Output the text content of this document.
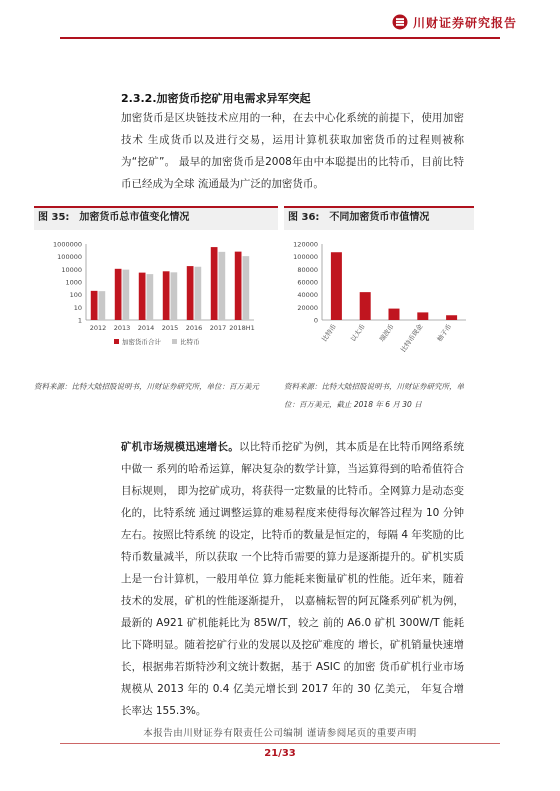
川财证券研究报告
2.3.2.加密货币挖矿用电需求异军突起

加密货币是区块链技术应用的一种，在去中心化系统的前提下，使用加密技术 生成货币以及进行交易，运用计算机获取加密货币的过程则被称为“挖矿”。 最早的加密货币是2008年由中本聪提出的比特币，目前比特币已经成为全球 流通最为广泛的加密货币。

图 35: 加密货币总市值变化情况
1000000
100000
10000
1000
100
10
1
2012 2013 2014 2015 2016 2017 2018H1
加密货币合计	比特币

资料来源：比特大陆招股说明书，川财证券研究所，单位：百万美元

图 36: 不同加密货币市值情况
120000
100000
80000
60000
40000
20000
0
比特币 以太币 瑞波币 比特币现金 柚子币

资料来源：比特大陆招股说明书，川财证券研究所，单位：百万美元，截止 2018 年 6 月 30 日

矿机市场规模迅速增长。以比特币挖矿为例，其本质是在比特币网络系统中做一 系列的哈希运算，解决复杂的数学计算，当运算得到的哈希值符合目标规则， 即为挖矿成功，将获得一定数量的比特币。全网算力是动态变化的，比特系统 通过调整运算的难易程度来使得每次解答过程为 10 分钟左右。按照比特系统 的设定，比特币的数量是恒定的，每隔 4 年奖励的比特币数量减半，所以获取 一个比特币需要的算力是逐渐提升的。矿机实质上是一台计算机，一般用单位 算力能耗来衡量矿机的性能。近年来，随着技术的发展，矿机的性能逐渐提升， 以嘉楠耘智的阿瓦隆系列矿机为例，最新的 A921 矿机能耗比为 85W/T，较之 前的 A6.0 矿机 300W/T 能耗比下降明显。随着挖矿行业的发展以及挖矿难度的 增长，矿机销量快速增长，根据弗若斯特沙利文统计数据，基于 ASIC 的加密 货币矿机行业市场规模从 2013 年的 0.4 亿美元增长到 2017 年的 30 亿美元， 年复合增长率达 155.3%。

本报告由川财证券有限责任公司编制 谨请参阅尾页的重要声明
21/33
